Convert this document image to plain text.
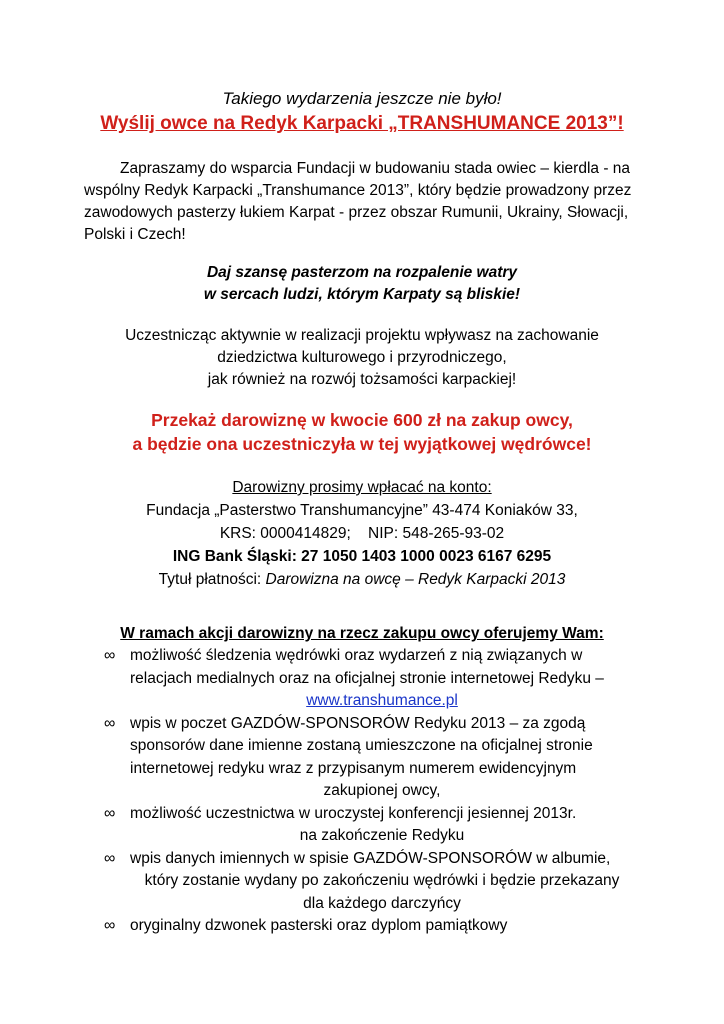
Takiego wydarzenia jeszcze nie było!
Wyślij owce na Redyk Karpacki „TRANSHUMANCE 2013”!
Zapraszamy do wsparcia Fundacji w budowaniu stada owiec – kierdla - na wspólny Redyk Karpacki „Transhumance 2013”, który będzie prowadzony przez zawodowych pasterzy łukiem Karpat - przez obszar Rumunii, Ukrainy, Słowacji, Polski i Czech!
Daj szansę pasterzom na rozpalenie watry
w sercach ludzi, którym Karpaty są bliskie!
Uczestnicząc aktywnie w realizacji projektu wpływasz na zachowanie
dziedzictwa kulturowego i przyrodniczego,
jak również na rozwój tożsamości karpackiej!
Przekaż darowiznę w kwocie 600 zł na zakup owcy,
a będzie ona uczestniczyła w tej wyjątkowej wędrówce!
Darowizny prosimy wpłacać na konto:
Fundacja „Pasterstwo Transhumancyjne” 43-474 Koniaków 33,
KRS: 0000414829;    NIP: 548-265-93-02
ING Bank Śląski: 27 1050 1403 1000 0023 6167 6295
Tytuł płatności: Darowizna na owcę – Redyk Karpacki 2013
W ramach akcji darowizny na rzecz zakupu owcy oferujemy Wam:
∞ możliwość śledzenia wędrówki oraz wydarzeń z nią związanych w relacjach medialnych oraz na oficjalnej stronie internetowej Redyku –
www.transhumance.pl
∞ wpis w poczet GAZDÓW-SPONSORÓW Redyku 2013 – za zgodą sponsorów dane imienne zostaną umieszczone na oficjalnej stronie internetowej redyku wraz z przypisanym numerem ewidencyjnym
zakupionej owcy,
∞ możliwość uczestnictwa w uroczystej konferencji jesiennej 2013r.
na zakończenie Redyku
∞ wpis danych imiennych w spisie GAZDÓW-SPONSORÓW w albumie,
który zostanie wydany po zakończeniu wędrówki i będzie przekazany
dla każdego darczyńcy
∞ oryginalny dzwonek pasterski oraz dyplom pamiątkowy
